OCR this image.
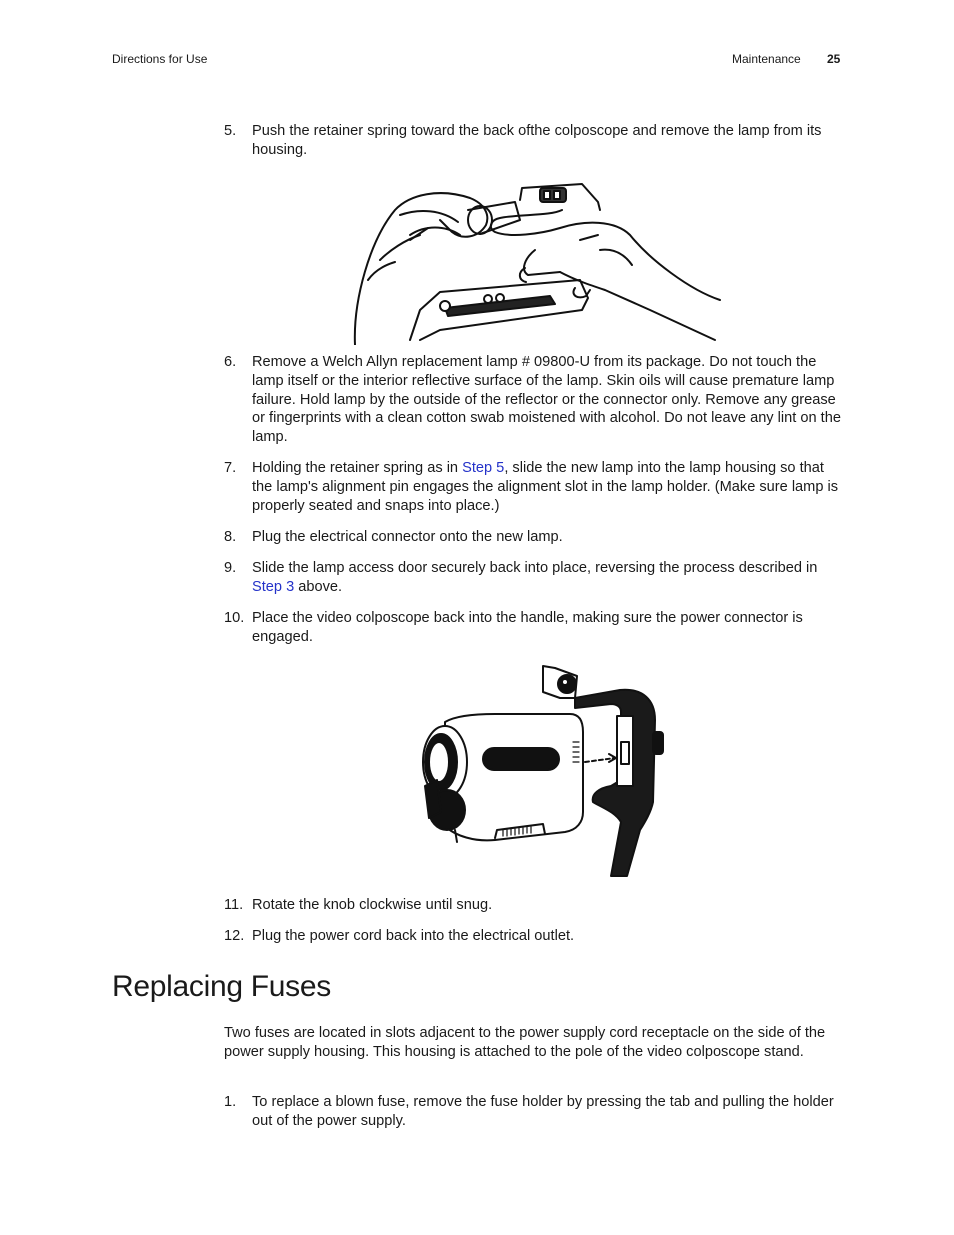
Directions for Use	Maintenance 25
5. Push the retainer spring toward the back ofthe colposcope and remove the lamp from its housing.
6. Remove a Welch Allyn replacement lamp # 09800-U from its package. Do not touch the lamp itself or the interior reflective surface of the lamp. Skin oils will cause premature lamp failure. Hold lamp by the outside of the reflector or the connector only. Remove any grease or fingerprints with a clean cotton swab moistened with alcohol. Do not leave any lint on the lamp.
7. Holding the retainer spring as in Step 5, slide the new lamp into the lamp housing so that the lamp's alignment pin engages the alignment slot in the lamp holder. (Make sure lamp is properly seated and snaps into place.)
8. Plug the electrical connector onto the new lamp.
9. Slide the lamp access door securely back into place, reversing the process described in Step 3 above.
10. Place the video colposcope back into the handle, making sure the power connector is engaged.
11. Rotate the knob clockwise until snug.
12. Plug the power cord back into the electrical outlet.
Replacing Fuses

Two fuses are located in slots adjacent to the power supply cord receptacle on the side of the power supply housing. This housing is attached to the pole of the video colposcope stand.

1. To replace a blown fuse, remove the fuse holder by pressing the tab and pulling the holder out of the power supply.
